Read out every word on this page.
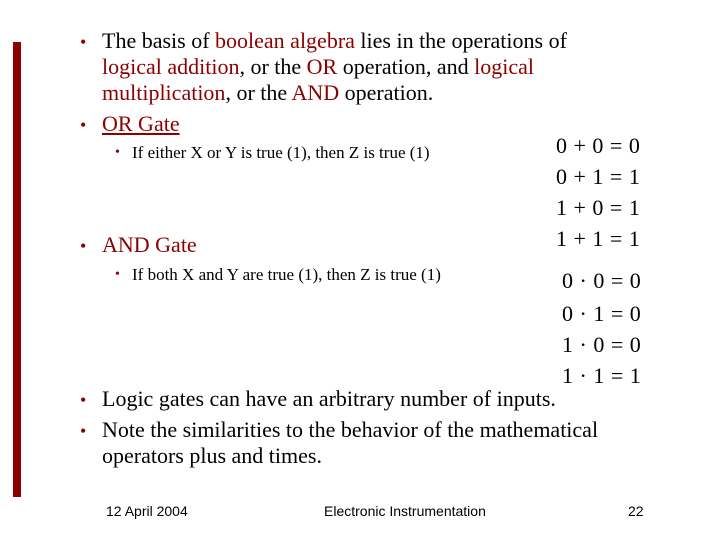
• The basis of boolean algebra lies in the operations of
logical addition, or the OR operation, and logical
multiplication, or the AND operation.
• OR Gate
• If either X or Y is true (1), then Z is true (1)
• AND Gate
• If both X and Y are true (1), then Z is true (1)
0 + 0 = 0
0 + 1 = 1
1 + 0 = 1
1 + 1 = 1
0 · 0 = 0
0 · 1 = 0
1 · 0 = 0
1 · 1 = 1
• Logic gates can have an arbitrary number of inputs.
• Note the similarities to the behavior of the mathematical
operators plus and times.
12 April 2004	Electronic Instrumentation	22
